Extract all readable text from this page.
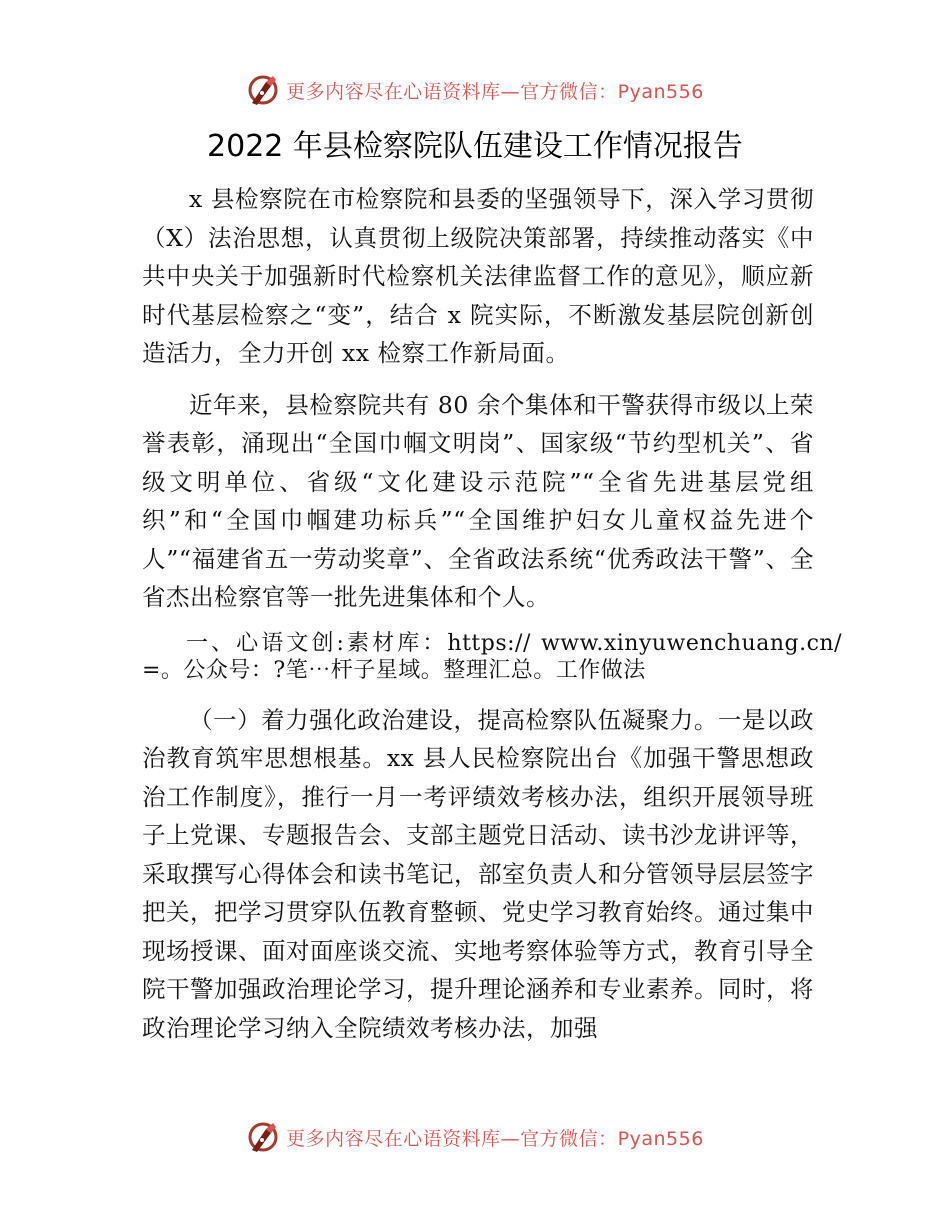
更多内容尽在心语资料库—官方微信：Pyan556
2022 年县检察院队伍建设工作情况报告

x 县检察院在市检察院和县委的坚强领导下，深入学习贯彻（X）法治思想，认真贯彻上级院决策部署，持续推动落实《中共中央关于加强新时代检察机关法律监督工作的意见》，顺应新时代基层检察之“变”，结合 x 院实际，不断激发基层院创新创造活力，全力开创 xx 检察工作新局面。

近年来，县检察院共有 80 余个集体和干警获得市级以上荣誉表彰，涌现出“全国巾帼文明岗”、国家级“节约型机关”、省级文明单位、省级“文化建设示范院”“全省先进基层党组织”和“全国巾帼建功标兵”“全国维护妇女儿童权益先进个人”“福建省五一劳动奖章”、全省政法系统“优秀政法干警”、全省杰出检察官等一批先进集体和个人。

一、心语文创:素材库：https:// www.xinyuwenchuang.cn/=。公众号：?笔⋯杆子星域。整理汇总。工作做法

（一）着力强化政治建设，提高检察队伍凝聚力。一是以政治教育筑牢思想根基。xx 县人民检察院出台《加强干警思想政治工作制度》，推行一月一考评绩效考核办法，组织开展领导班子上党课、专题报告会、支部主题党日活动、读书沙龙讲评等，采取撰写心得体会和读书笔记，部室负责人和分管领导层层签字把关，把学习贯穿队伍教育整顿、党史学习教育始终。通过集中现场授课、面对面座谈交流、实地考察体验等方式，教育引导全院干警加强政治理论学习，提升理论涵养和专业素养。同时，将政治理论学习纳入全院绩效考核办法，加强

更多内容尽在心语资料库—官方微信：Pyan556
